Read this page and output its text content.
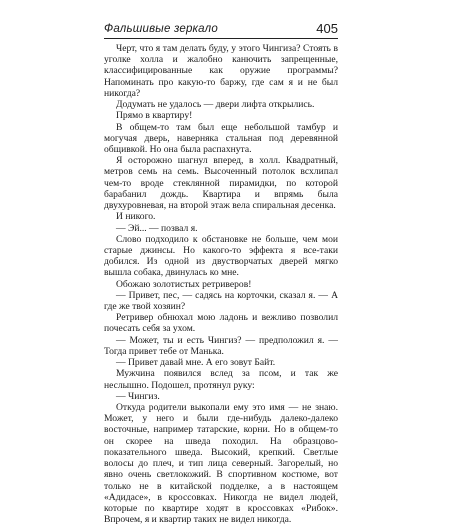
Фальшивые зеркало	405

Черт, что я там делать буду, у этого Чингиза? Стоять в уголке холла и жалобно канючить запрещенные, классифицированные как оружие программы? Напоминать про какую-то баржу, где сам я и не был никогда?

Додумать не удалось — двери лифта открылись.

Прямо в квартиру!

В общем-то там был еще небольшой тамбур и могучая дверь, наверняка стальная под деревянной общивкой. Но она была распахнута.

Я осторожно шагнул вперед, в холл. Квадратный, метров семь на семь. Высоченный потолок всхлипал чем-то вроде стеклянной пирамидки, по которой барабанил дождь. Квартира и впрямь была двухуровневая, на второй этаж вела спиральная десенка.

И никого.

— Эй... — позвал я.

Слово подходило к обстановке не больше, чем мои старые джинсы. Но какого-то эффекта я все-таки добился. Из одной из двустворчатых дверей мягко вышла собака, двинулась ко мне.

Обожаю золотистых ретриверов!

— Привет, пес, — садясь на корточки, сказал я. — А где же твой хозяин?

Ретривер обнюхал мою ладонь и вежливо позволил почесать себя за ухом.

— Может, ты и есть Чингиз? — предположил я. — Тогда привет тебе от Манька.

— Привет давай мне. А его зовут Байт.

Мужчина появился вслед за псом, и так же неслышно. Подошел, протянул руку:

— Чингиз.

Откуда родители выкопали ему это имя — не знаю. Может, у него и были где-нибудь далеко-далеко восточные, например татарские, корни. Но в общем-то он скорее на шведа походил. На образцово-показательного шведа. Высокий, крепкий. Светлые волосы до плеч, и тип лица северный. Загорелый, но явно очень светлокожий. В спортивном костюме, вот только не в китайской подделке, а в настоящем «Адидасе», в кроссовках. Никогда не видел людей, которые по квартире ходят в кроссовках «Рибок». Впрочем, я и квартир таких не видел никогда.
